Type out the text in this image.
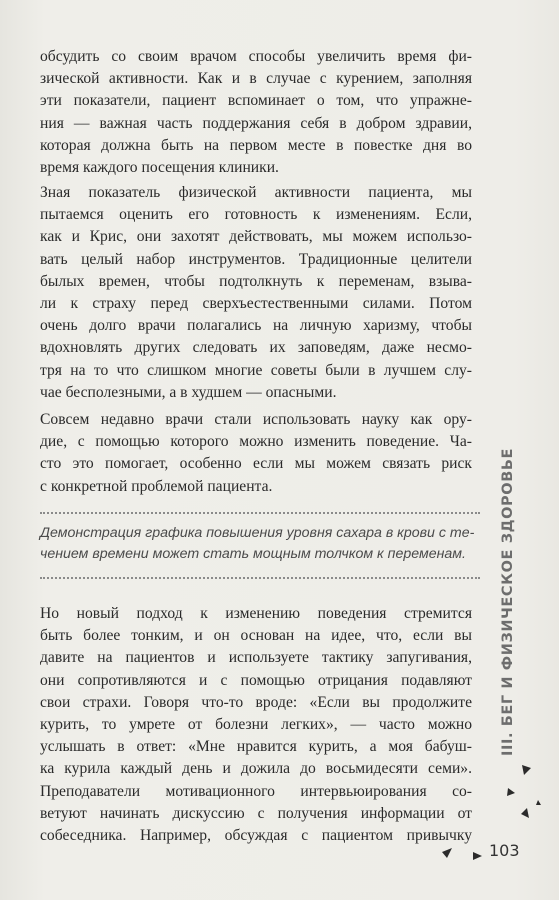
обсудить со своим врачом способы увеличить время фи-
зической активности. Как и в случае с курением, заполняя
эти показатели, пациент вспоминает о том, что упражне-
ния — важная часть поддержания себя в добром здравии,
которая должна быть на первом месте в повестке дня во
время каждого посещения клиники.

Зная показатель физической активности пациента, мы
пытаемся оценить его готовность к изменениям. Если,
как и Крис, они захотят действовать, мы можем использо-
вать целый набор инструментов. Традиционные целители
былых времен, чтобы подтолкнуть к переменам, взыва-
ли к страху перед сверхъестественными силами. Потом
очень долго врачи полагались на личную харизму, чтобы
вдохновлять других следовать их заповедям, даже несмо-
тря на то что слишком многие советы были в лучшем слу-
чае бесполезными, а в худшем — опасными.

Совсем недавно врачи стали использовать науку как ору-
дие, с помощью которого можно изменить поведение. Ча-
сто это помогает, особенно если мы можем связать риск
с конкретной проблемой пациента.

Демонстрация графика повышения уровня сахара в крови с те-
чением времени может стать мощным толчком к переменам.

Но новый подход к изменению поведения стремится
быть более тонким, и он основан на идее, что, если вы
давите на пациентов и используете тактику запугивания,
они сопротивляются и с помощью отрицания подавляют
свои страхи. Говоря что-то вроде: «Если вы продолжите
курить, то умрете от болезни легких», — часто можно
услышать в ответ: «Мне нравится курить, а моя бабуш-
ка курила каждый день и дожила до восьмидесяти семи».
Преподаватели мотивационного интервьюирования со-
ветуют начинать дискуссию с получения информации от
собеседника. Например, обсуждая с пациентом привычку

III. БЕГ И ФИЗИЧЕСКОЕ ЗДОРОВЬЕ
103
